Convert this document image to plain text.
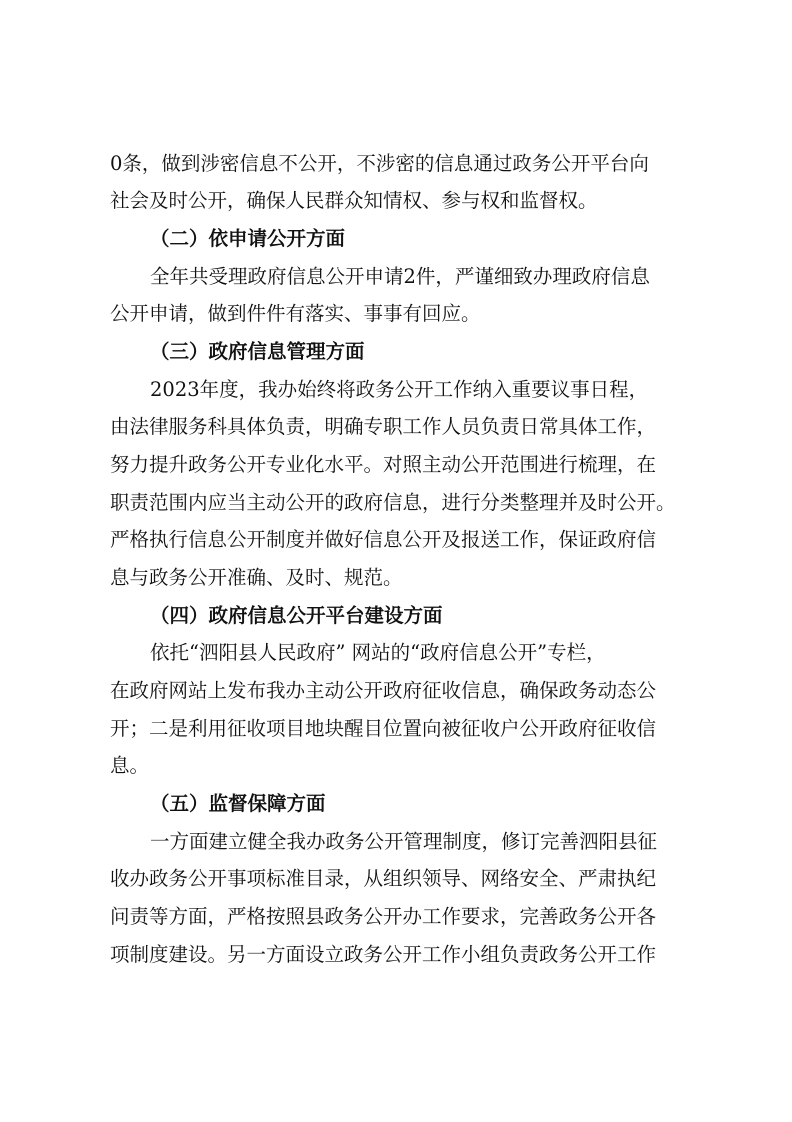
0条，做到涉密信息不公开，不涉密的信息通过政务公开平台向
社会及时公开，确保人民群众知情权、参与权和监督权。
（二）依申请公开方面
全年共受理政府信息公开申请2件，严谨细致办理政府信息
公开申请，做到件件有落实、事事有回应。
（三）政府信息管理方面
2023年度，我办始终将政务公开工作纳入重要议事日程，
由法律服务科具体负责，明确专职工作人员负责日常具体工作，
努力提升政务公开专业化水平。对照主动公开范围进行梳理，在
职责范围内应当主动公开的政府信息，进行分类整理并及时公开。
严格执行信息公开制度并做好信息公开及报送工作，保证政府信
息与政务公开准确、及时、规范。
（四）政府信息公开平台建设方面
依托“泗阳县人民政府” 网站的“政府信息公开”专栏，
在政府网站上发布我办主动公开政府征收信息，确保政务动态公
开；二是利用征收项目地块醒目位置向被征收户公开政府征收信
息。
（五）监督保障方面
一方面建立健全我办政务公开管理制度，修订完善泗阳县征
收办政务公开事项标准目录，从组织领导、网络安全、严肃执纪
问责等方面，严格按照县政务公开办工作要求，完善政务公开各
项制度建设。另一方面设立政务公开工作小组负责政务公开工作
